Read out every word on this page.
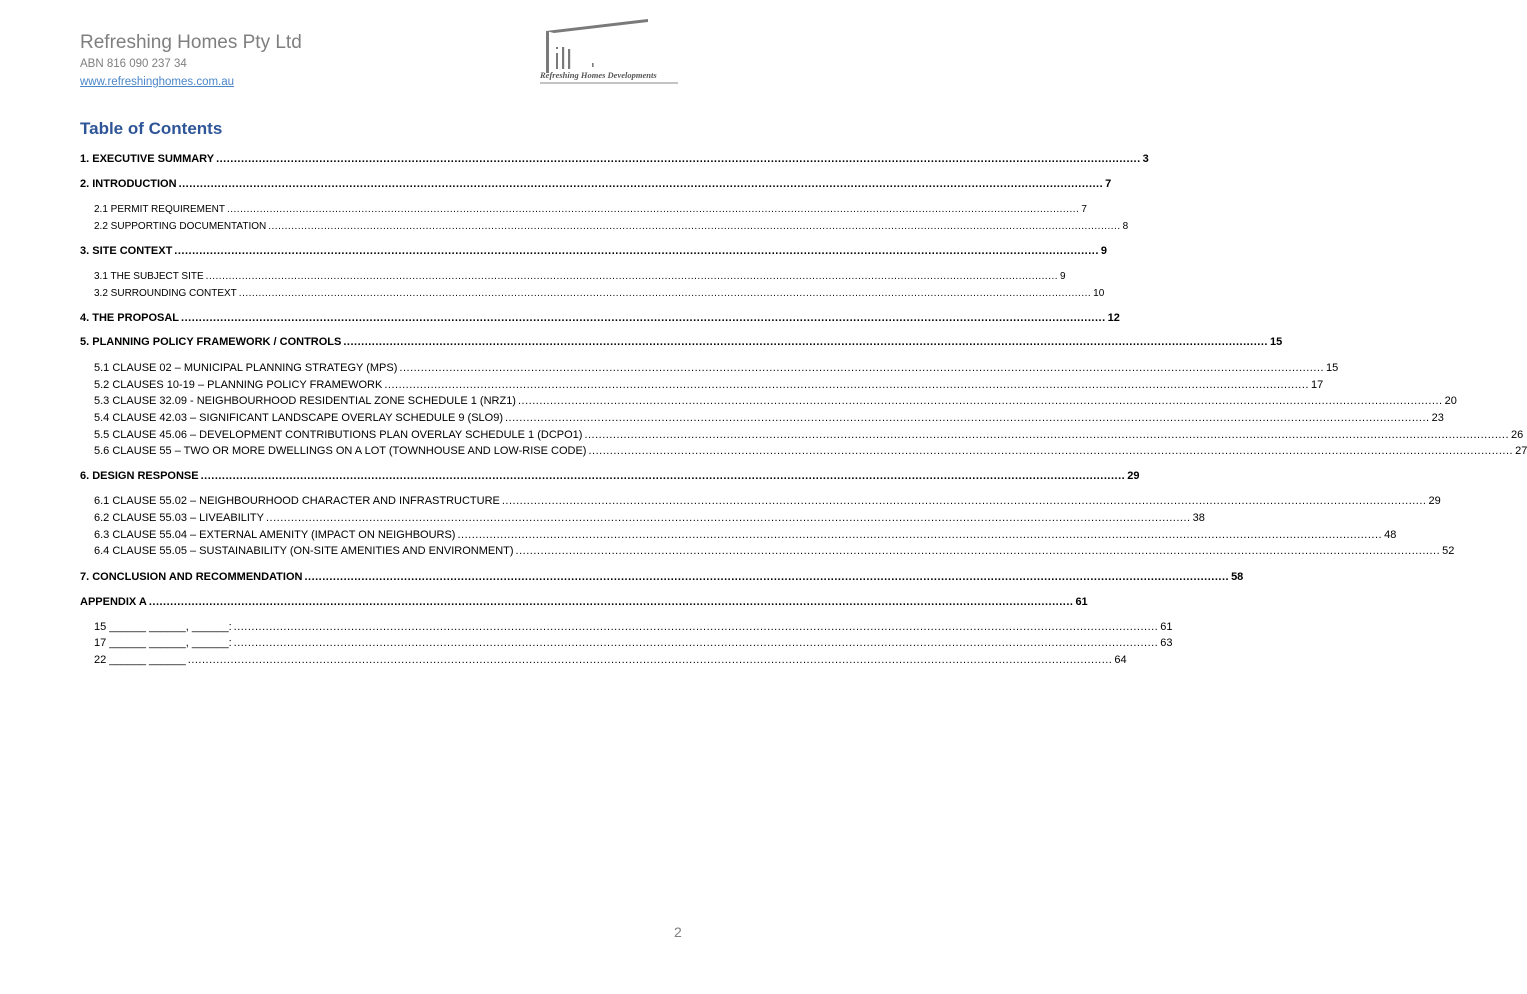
Refreshing Homes Pty Ltd
ABN 816 090 237 34
www.refreshinghomes.com.au
Refreshing Homes Developments
Table of Contents
1. EXECUTIVE SUMMARY .................................................................................................................................................................................................................................................................... 3
2. INTRODUCTION .................................................................................................................................................................................................................................................................... 7
2.1 PERMIT REQUIREMENT .................................................................................................................................................................................................................................................................... 7
2.2 SUPPORTING DOCUMENTATION .................................................................................................................................................................................................................................................................... 8
3. SITE CONTEXT .................................................................................................................................................................................................................................................................... 9
3.1 THE SUBJECT SITE .................................................................................................................................................................................................................................................................... 9
3.2 SURROUNDING CONTEXT .................................................................................................................................................................................................................................................................... 10
4. THE PROPOSAL .................................................................................................................................................................................................................................................................... 12
5. PLANNING POLICY FRAMEWORK / CONTROLS .................................................................................................................................................................................................................................................................... 15
5.1 CLAUSE 02 – MUNICIPAL PLANNING STRATEGY (MPS) .................................................................................................................................................................................................................................................................... 15
5.2 CLAUSES 10-19 – PLANNING POLICY FRAMEWORK .................................................................................................................................................................................................................................................................... 17
5.3 CLAUSE 32.09 - NEIGHBOURHOOD RESIDENTIAL ZONE SCHEDULE 1 (NRZ1) .................................................................................................................................................................................................................................................................... 20
5.4 CLAUSE 42.03 – SIGNIFICANT LANDSCAPE OVERLAY SCHEDULE 9 (SLO9) .................................................................................................................................................................................................................................................................... 23
5.5 CLAUSE 45.06 – DEVELOPMENT CONTRIBUTIONS PLAN OVERLAY SCHEDULE 1 (DCPO1) .................................................................................................................................................................................................................................................................... 26
5.6 CLAUSE 55 – TWO OR MORE DWELLINGS ON A LOT (TOWNHOUSE AND LOW-RISE CODE) .................................................................................................................................................................................................................................................................... 27
6. DESIGN RESPONSE .................................................................................................................................................................................................................................................................... 29
6.1 CLAUSE 55.02 – NEIGHBOURHOOD CHARACTER AND INFRASTRUCTURE .................................................................................................................................................................................................................................................................... 29
6.2 CLAUSE 55.03 – LIVEABILITY .................................................................................................................................................................................................................................................................... 38
6.3 CLAUSE 55.04 – EXTERNAL AMENITY (IMPACT ON NEIGHBOURS) .................................................................................................................................................................................................................................................................... 48
6.4 CLAUSE 55.05 – SUSTAINABILITY (ON-SITE AMENITIES AND ENVIRONMENT) .................................................................................................................................................................................................................................................................... 52
7. CONCLUSION AND RECOMMENDATION .................................................................................................................................................................................................................................................................... 58
APPENDIX A .................................................................................................................................................................................................................................................................... 61
15 ______ ______, ______: .................................................................................................................................................................................................................................................................... 61
17 ______ ______, ______: .................................................................................................................................................................................................................................................................... 63
22 ______ ______ .................................................................................................................................................................................................................................................................... 64
2
